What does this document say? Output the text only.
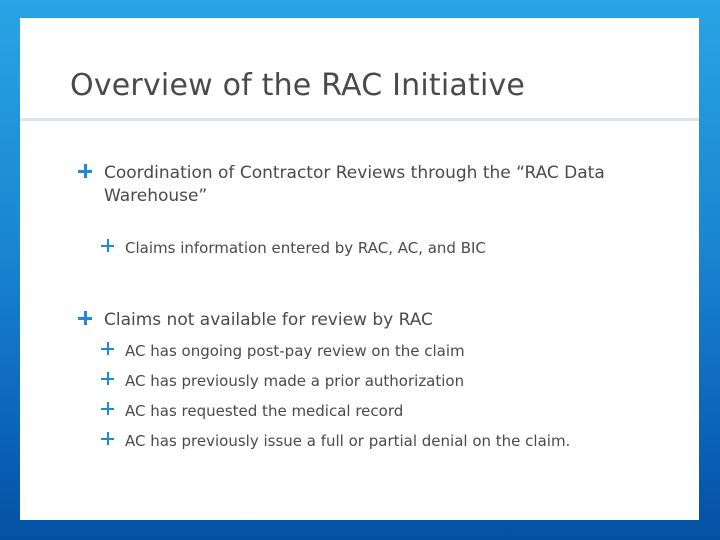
Overview of the RAC Initiative
Coordination of Contractor Reviews through the “RAC Data Warehouse”
Claims information entered by RAC, AC, and BIC
Claims not available for review by RAC
AC has ongoing post-pay review on the claim
AC has previously made a prior authorization
AC has requested the medical record
AC has previously issue a full or partial denial on the claim.
